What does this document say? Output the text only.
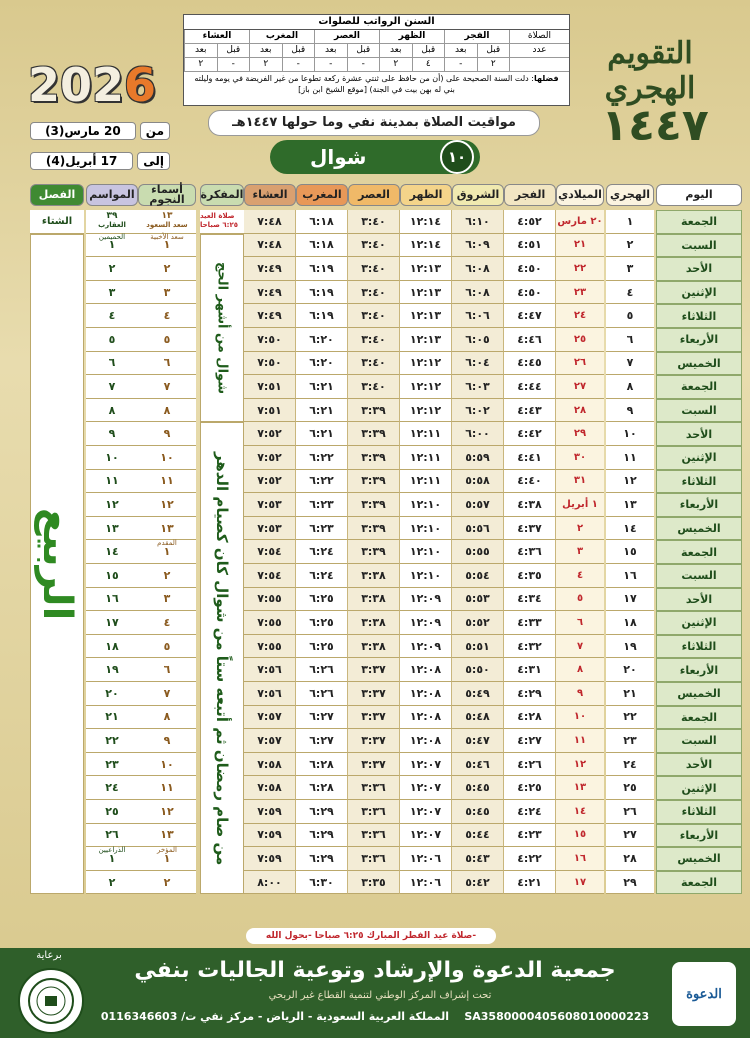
التقويم الهجري
١٤٤٧
2026
من
20 مارس(3)
إلى
17 أبريل(4)
مواقيت الصلاة بمدينة نفي وما حولها ١٤٤٧هـ
شوال	١٠
السنن الرواتب للصلوات
الصلاة
الفجر
الظهر
العصر
المغرب
العشاء
عدد
قبل
بعد
قبل
بعد
قبل
بعد
قبل
بعد
قبل
بعد
٢
-
٤
٢
-
-
-
٢
-
٢
فضلها: دلت السنة الصحيحة على (أن من حافظ على ثنتي عشرة ركعة تطوعا من غير الفريضة في يومه وليلته بني له بهن بيت في الجنة) [موقع الشيخ ابن باز]
اليوم
الهجري
الميلادي
الفجر
الشروق
الظهر
العصر
المغرب
العشاء
المفكرة
أسماء النجوم
المواسم
الفصل
الجمعة
١
٢٠ مارس
٤:٥٢
٦:١٠
١٢:١٤
٣:٤٠
٦:١٨
٧:٤٨
السبت
٢
٢١
٤:٥١
٦:٠٩
١٢:١٤
٣:٤٠
٦:١٨
٧:٤٨
١
١
الأحد
٣
٢٢
٤:٥٠
٦:٠٨
١٢:١٣
٣:٤٠
٦:١٩
٧:٤٩
٢
٢
الإثنين
٤
٢٣
٤:٥٠
٦:٠٨
١٢:١٣
٣:٤٠
٦:١٩
٧:٤٩
٣
٣
الثلاثاء
٥
٢٤
٤:٤٧
٦:٠٦
١٢:١٣
٣:٤٠
٦:١٩
٧:٤٩
٤
٤
الأربعاء
٦
٢٥
٤:٤٦
٦:٠٥
١٢:١٣
٣:٤٠
٦:٢٠
٧:٥٠
٥
٥
الخميس
٧
٢٦
٤:٤٥
٦:٠٤
١٢:١٢
٣:٤٠
٦:٢٠
٧:٥٠
٦
٦
الجمعة
٨
٢٧
٤:٤٤
٦:٠٣
١٢:١٢
٣:٤٠
٦:٢١
٧:٥١
٧
٧
السبت
٩
٢٨
٤:٤٣
٦:٠٢
١٢:١٢
٣:٣٩
٦:٢١
٧:٥١
٨
٨
الأحد
١٠
٢٩
٤:٤٢
٦:٠٠
١٢:١١
٣:٣٩
٦:٢١
٧:٥٢
٩
٩
الإثنين
١١
٣٠
٤:٤١
٥:٥٩
١٢:١١
٣:٣٩
٦:٢٢
٧:٥٢
١٠
١٠
الثلاثاء
١٢
٣١
٤:٤٠
٥:٥٨
١٢:١١
٣:٣٩
٦:٢٢
٧:٥٢
١١
١١
الأربعاء
١٣
١ أبريل
٤:٣٨
٥:٥٧
١٢:١٠
٣:٣٩
٦:٢٣
٧:٥٣
١٢
١٢
الخميس
١٤
٢
٤:٣٧
٥:٥٦
١٢:١٠
٣:٣٩
٦:٢٣
٧:٥٣
١٣
١٣
الجمعة
١٥
٣
٤:٣٦
٥:٥٥
١٢:١٠
٣:٣٩
٦:٢٤
٧:٥٤
١
١٤
السبت
١٦
٤
٤:٣٥
٥:٥٤
١٢:١٠
٣:٣٨
٦:٢٤
٧:٥٤
٢
١٥
الأحد
١٧
٥
٤:٣٤
٥:٥٣
١٢:٠٩
٣:٣٨
٦:٢٥
٧:٥٥
٣
١٦
الإثنين
١٨
٦
٤:٣٣
٥:٥٢
١٢:٠٩
٣:٣٨
٦:٢٥
٧:٥٥
٤
١٧
الثلاثاء
١٩
٧
٤:٣٢
٥:٥١
١٢:٠٩
٣:٣٨
٦:٢٥
٧:٥٥
٥
١٨
الأربعاء
٢٠
٨
٤:٣١
٥:٥٠
١٢:٠٨
٣:٣٧
٦:٢٦
٧:٥٦
٦
١٩
الخميس
٢١
٩
٤:٢٩
٥:٤٩
١٢:٠٨
٣:٣٧
٦:٢٦
٧:٥٦
٧
٢٠
الجمعة
٢٢
١٠
٤:٢٨
٥:٤٨
١٢:٠٨
٣:٣٧
٦:٢٧
٧:٥٧
٨
٢١
السبت
٢٣
١١
٤:٢٧
٥:٤٧
١٢:٠٨
٣:٣٧
٦:٢٧
٧:٥٧
٩
٢٢
الأحد
٢٤
١٢
٤:٢٦
٥:٤٦
١٢:٠٧
٣:٣٧
٦:٢٨
٧:٥٨
١٠
٢٣
الإثنين
٢٥
١٣
٤:٢٥
٥:٤٥
١٢:٠٧
٣:٣٦
٦:٢٨
٧:٥٨
١١
٢٤
الثلاثاء
٢٦
١٤
٤:٢٤
٥:٤٥
١٢:٠٧
٣:٣٦
٦:٢٩
٧:٥٩
١٢
٢٥
الأربعاء
٢٧
١٥
٤:٢٣
٥:٤٤
١٢:٠٧
٣:٣٦
٦:٢٩
٧:٥٩
١٣
٢٦
الخميس
٢٨
١٦
٤:٢٢
٥:٤٣
١٢:٠٦
٣:٣٦
٦:٢٩
٧:٥٩
١
١
الجمعة
٢٩
١٧
٤:٢١
٥:٤٢
١٢:٠٦
٣:٣٥
٦:٣٠
٨:٠٠
٢
٢
صلاة العيد ٦:٢٥ صباحا
الشتاء	١٣
سعد السعود
٣٩
العقارب
سعد الأخبية
الحميمين
المقدم
المؤخر
الذراعيين
شوال من أشهر الحج
من صام رمضان ثم أتبعه ستاً من شوال كان كصيام الدهر
الربيع
صلاة عيد الفطر المبارك ٦:٢٥ صباحا -بحول الله-
برعاية
جمعية الدعوة والإرشاد وتوعية الجاليات بنفي
تحت إشراف المركز الوطني لتنمية القطاع غير الربحي
المملكة العربية السعودية - الرياض - مركز نفي ت/ 0116346603 SA3580000405608010000223
الدعوة
